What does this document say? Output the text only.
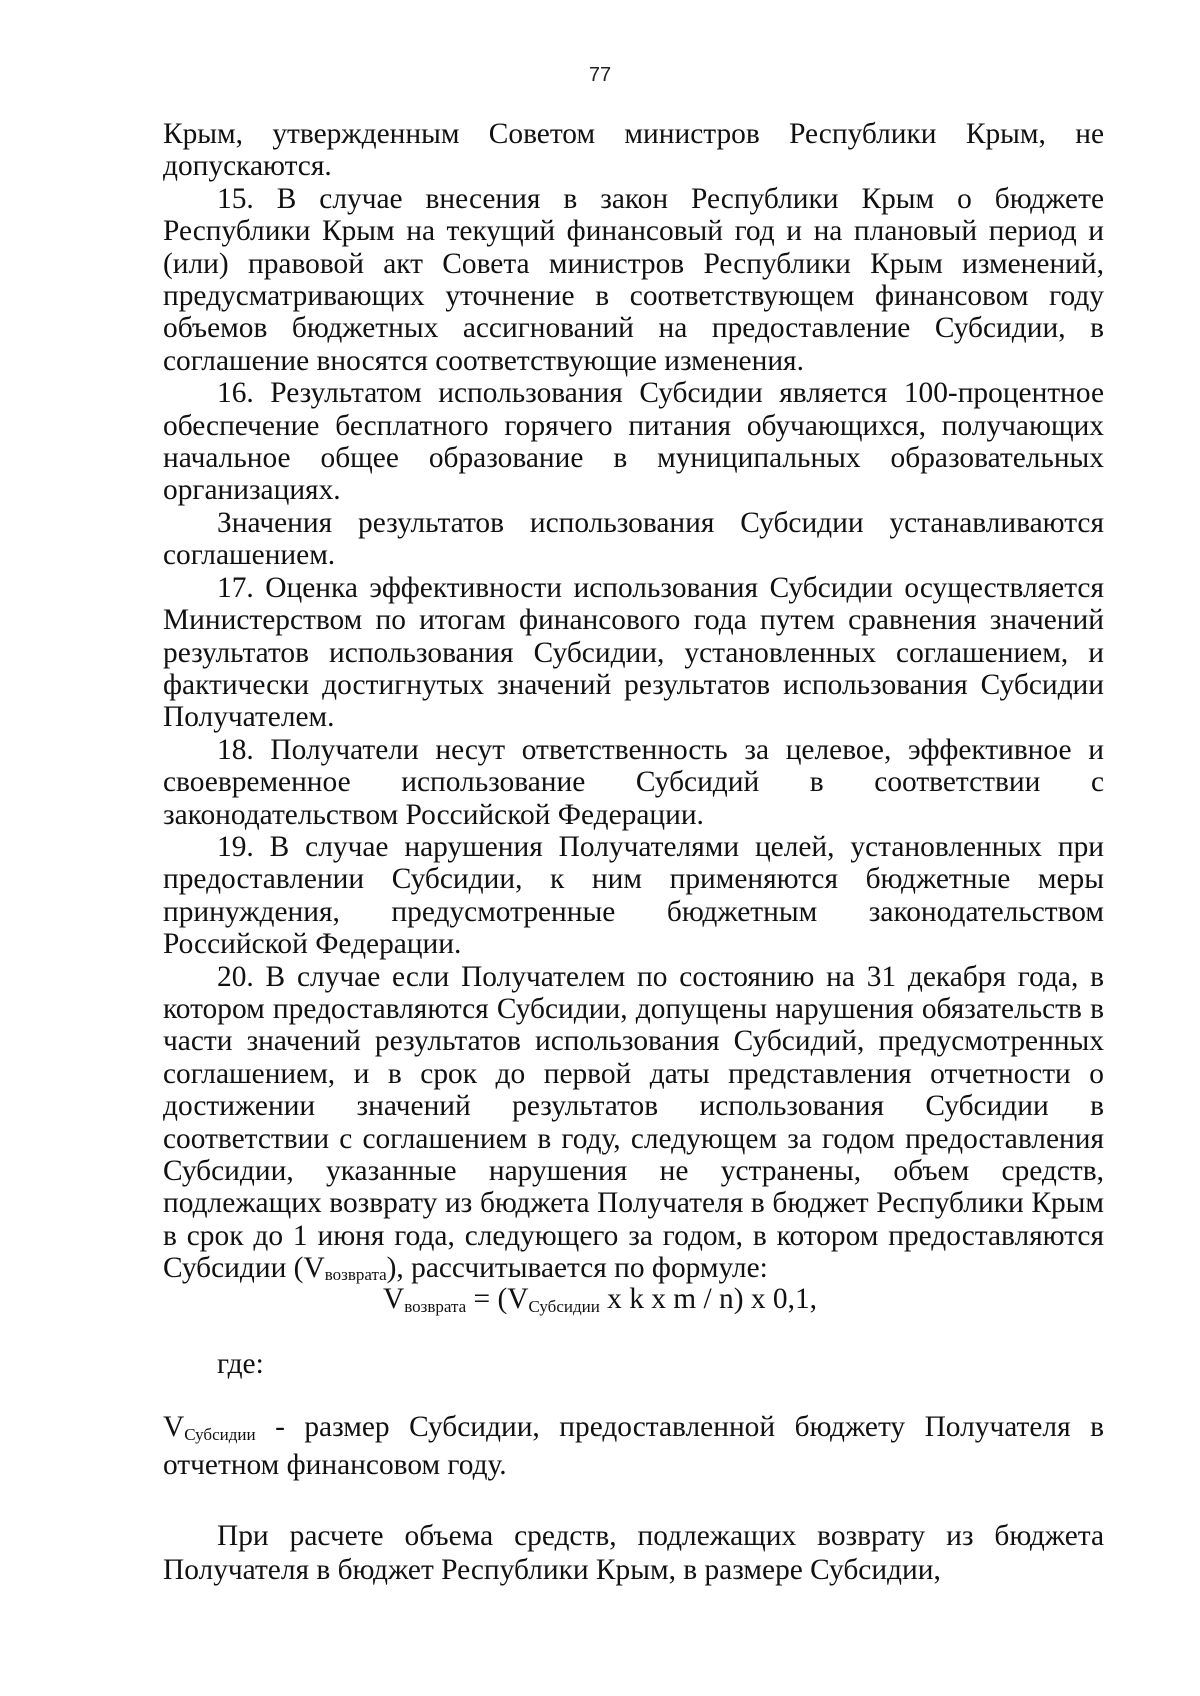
77

Крым, утвержденным Советом министров Республики Крым, не допускаются.

15. В случае внесения в закон Республики Крым о бюджете Республики Крым на текущий финансовый год и на плановый период и (или) правовой акт Совета министров Республики Крым изменений, предусматривающих уточнение в соответствующем финансовом году объемов бюджетных ассигнований на предоставление Субсидии, в соглашение вносятся соответствующие изменения.

16. Результатом использования Субсидии является 100-процентное обеспечение бесплатного горячего питания обучающихся, получающих начальное общее образование в муниципальных образовательных организациях.

Значения результатов использования Субсидии устанавливаются соглашением.

17. Оценка эффективности использования Субсидии осуществляется Министерством по итогам финансового года путем сравнения значений результатов использования Субсидии, установленных соглашением, и фактически достигнутых значений результатов использования Субсидии Получателем.

18. Получатели несут ответственность за целевое, эффективное и своевременное использование Субсидий в соответствии с законодательством Российской Федерации.

19. В случае нарушения Получателями целей, установленных при предоставлении Субсидии, к ним применяются бюджетные меры принуждения, предусмотренные бюджетным законодательством Российской Федерации.

20. В случае если Получателем по состоянию на 31 декабря года, в котором предоставляются Субсидии, допущены нарушения обязательств в части значений результатов использования Субсидий, предусмотренных соглашением, и в срок до первой даты представления отчетности о достижении значений результатов использования Субсидии в соответствии с соглашением в году, следующем за годом предоставления Субсидии, указанные нарушения не устранены, объем средств, подлежащих возврату из бюджета Получателя в бюджет Республики Крым в срок до 1 июня года, следующего за годом, в котором предоставляются Субсидии (Vвозврата), рассчитывается по формуле:

Vвозврата = (VСубсидии x k x m / n) x 0,1,
где:

VСубсидии - размер Субсидии, предоставленной бюджету Получателя в отчетном финансовом году.

При расчете объема средств, подлежащих возврату из бюджета Получателя в бюджет Республики Крым, в размере Субсидии,
